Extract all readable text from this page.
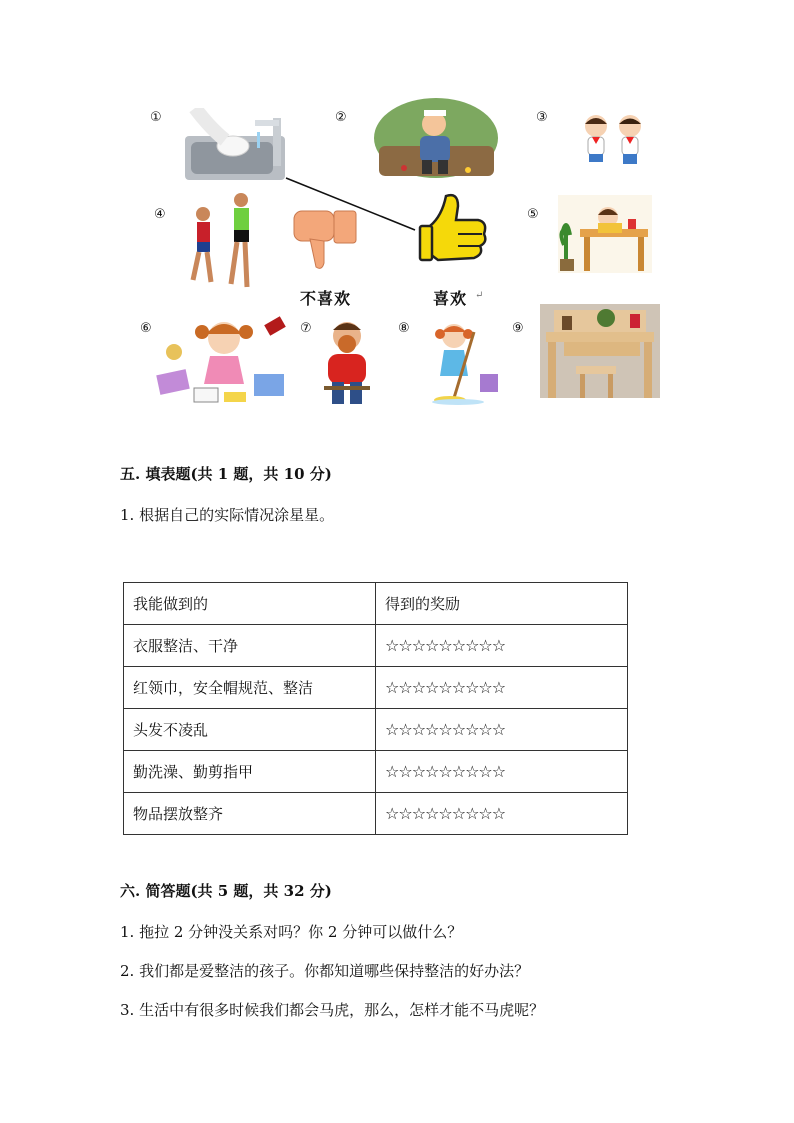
①	②	③
④	⑤
⑥	⑦	⑧	⑨
不喜欢	喜欢 ↵
五. 填表题(共 1 题，共 10 分)
1. 根据自己的实际情况涂星星。
我能做到的	得到的奖励
衣服整洁、干净	☆☆☆☆☆☆☆☆☆
红领巾，安全帽规范、整洁	☆☆☆☆☆☆☆☆☆
头发不凌乱	☆☆☆☆☆☆☆☆☆
勤洗澡、勤剪指甲	☆☆☆☆☆☆☆☆☆
物品摆放整齐	☆☆☆☆☆☆☆☆☆
六. 简答题(共 5 题，共 32 分)
1. 拖拉 2 分钟没关系对吗？你 2 分钟可以做什么？
2. 我们都是爱整洁的孩子。你都知道哪些保持整洁的好办法？
3. 生活中有很多时候我们都会马虎，那么，怎样才能不马虎呢？
